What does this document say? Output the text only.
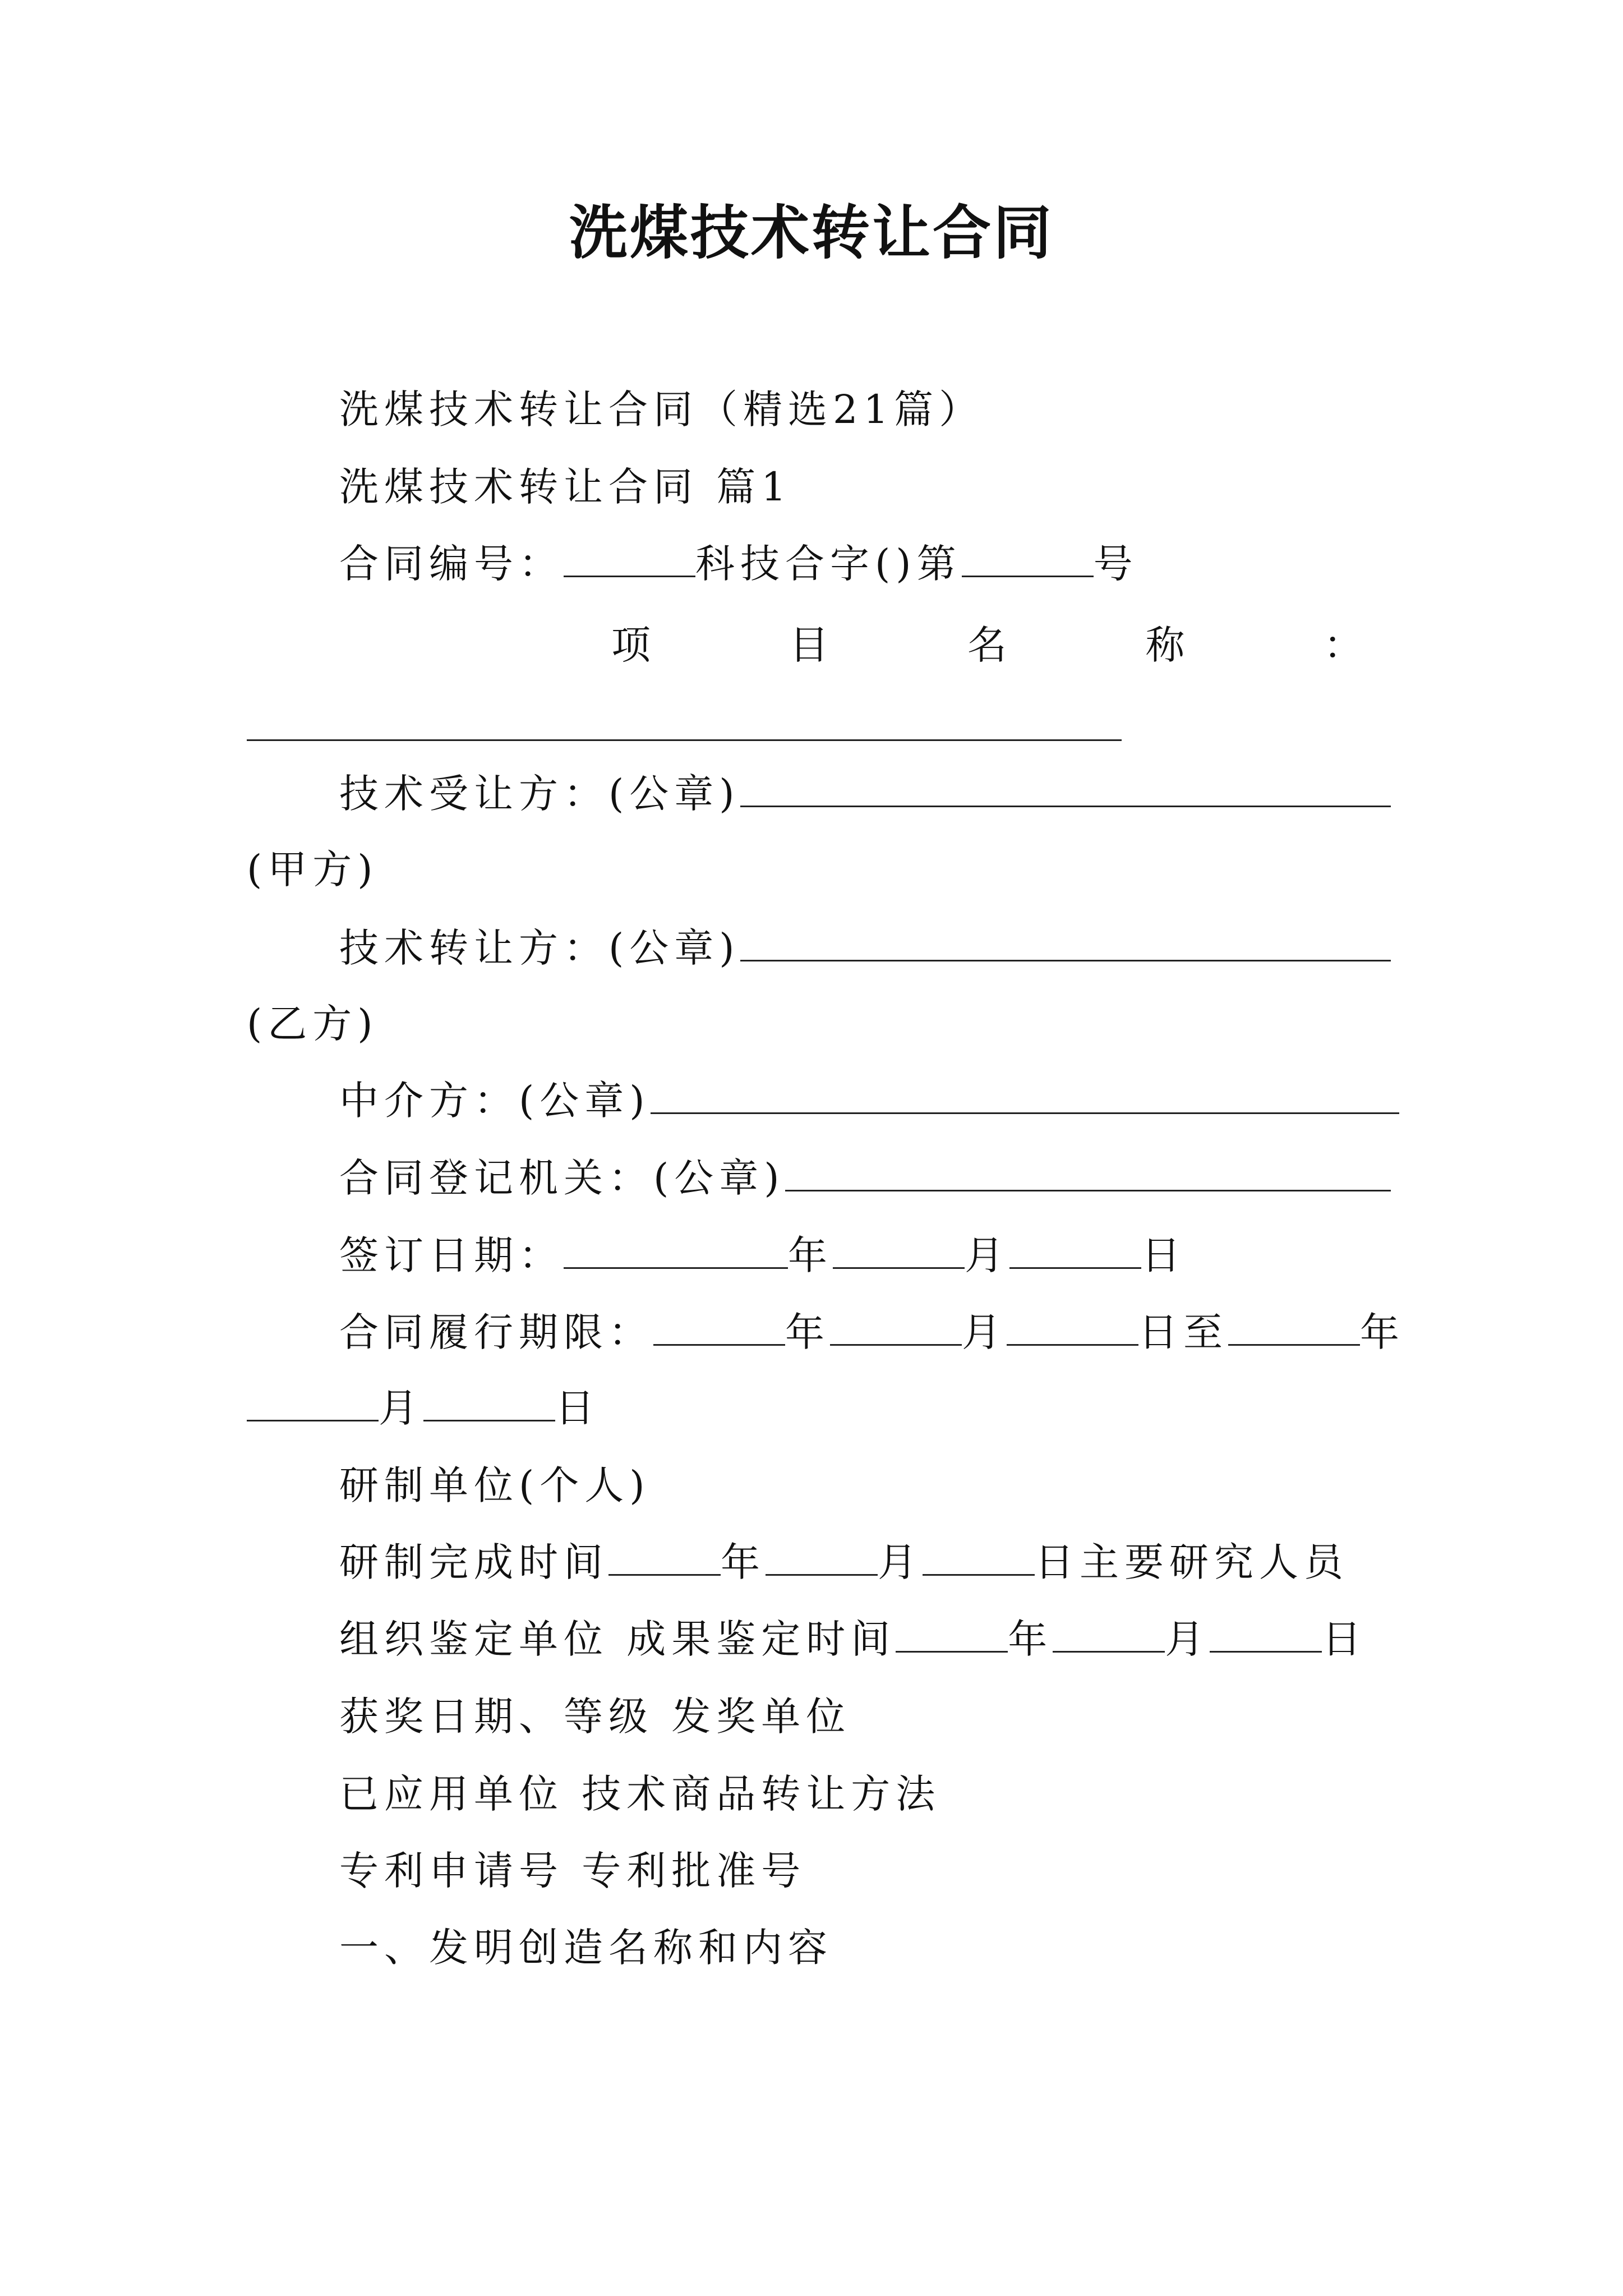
洗煤技术转让合同
洗煤技术转让合同（精选21篇）
洗煤技术转让合同 篇1
合同编号：	科技合字()第	号
项	目	名	称	：
技术受让方：(公章)
(甲方)
技术转让方：(公章)
(乙方)
中介方：(公章)
合同登记机关：(公章)
签订日期：	年	月	日
合同履行期限：	年	月	日至	年
月	日
研制单位(个人)
研制完成时间	年	月	日主要研究人员
组织鉴定单位 成果鉴定时间	年	月	日
获奖日期、等级 发奖单位
已应用单位 技术商品转让方法
专利申请号 专利批准号
一、发明创造名称和内容
